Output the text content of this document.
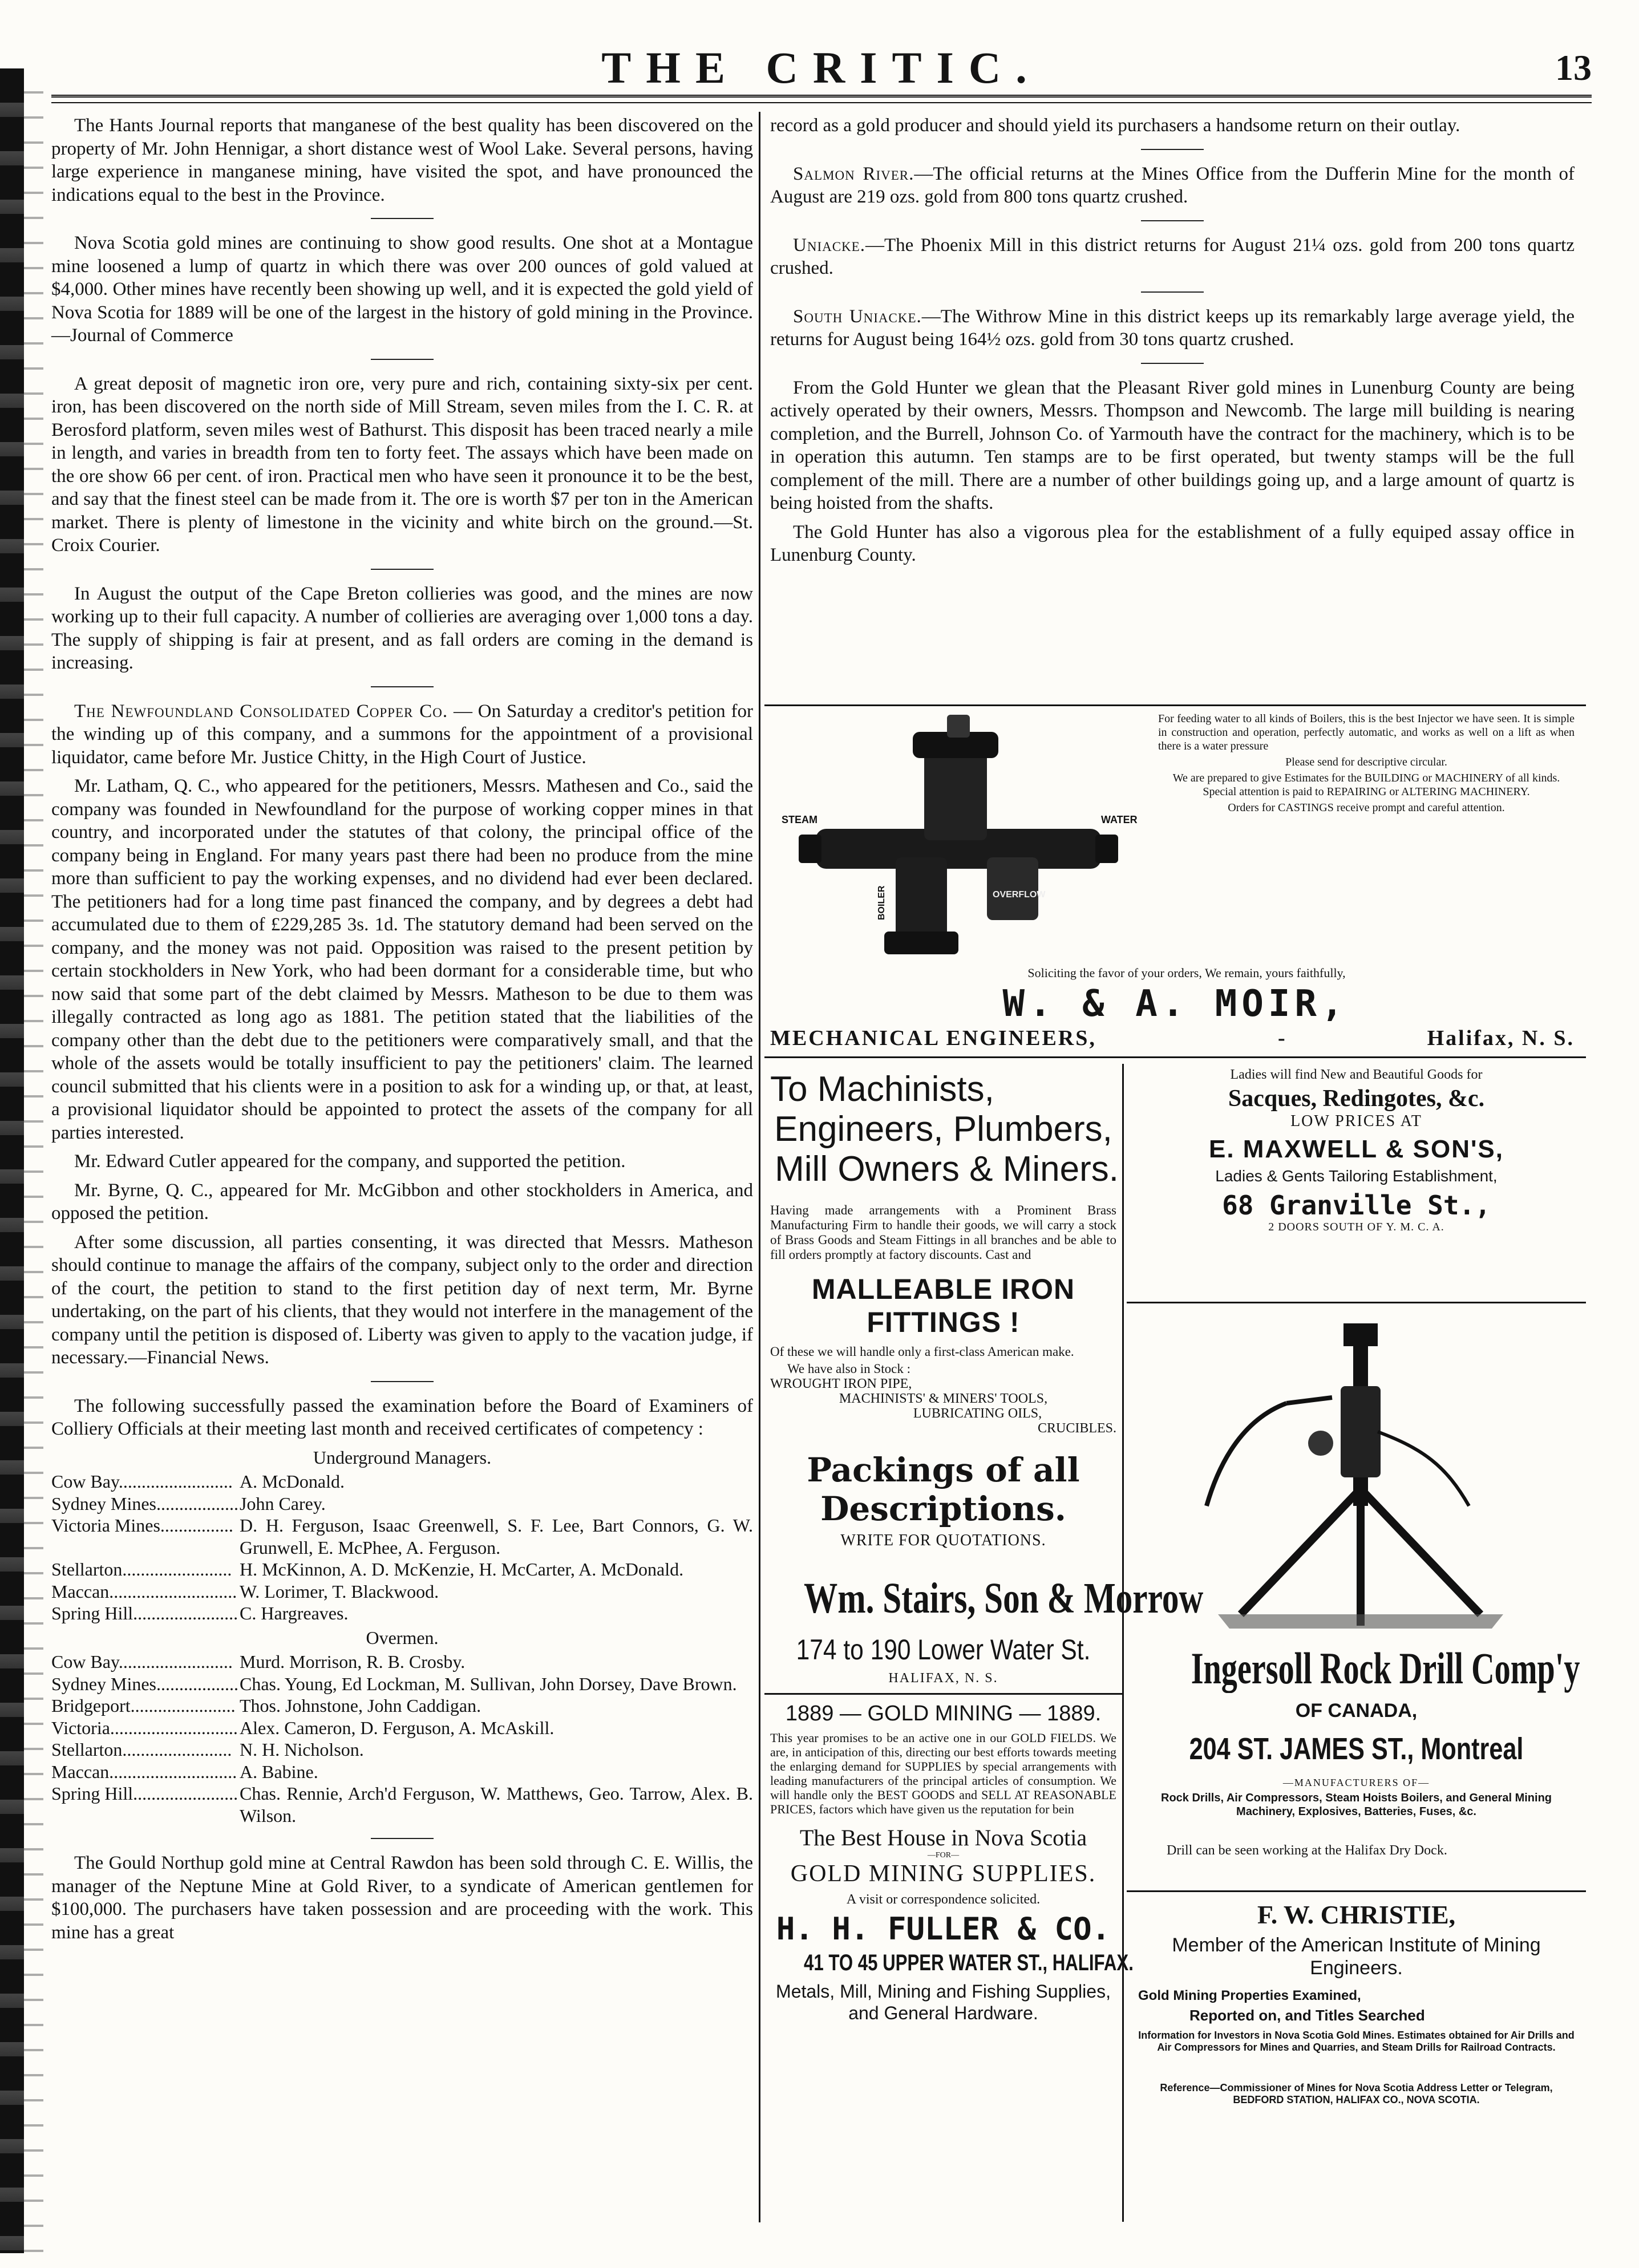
THE CRITIC.	13

The Hants Journal reports that manganese of the best quality has been discovered on the property of Mr. John Hennigar, a short distance west of Wool Lake. Several persons, having large experience in manganese mining, have visited the spot, and have pronounced the indications equal to the best in the Province.

Nova Scotia gold mines are continuing to show good results. One shot at a Montague mine loosened a lump of quartz in which there was over 200 ounces of gold valued at $4,000. Other mines have recently been showing up well, and it is expected the gold yield of Nova Scotia for 1889 will be one of the largest in the history of gold mining in the Province.—Journal of Commerce

A great deposit of magnetic iron ore, very pure and rich, containing sixty-six per cent. iron, has been discovered on the north side of Mill Stream, seven miles from the I. C. R. at Berosford platform, seven miles west of Bathurst. This disposit has been traced nearly a mile in length, and varies in breadth from ten to forty feet. The assays which have been made on the ore show 66 per cent. of iron. Practical men who have seen it pronounce it to be the best, and say that the finest steel can be made from it. The ore is worth $7 per ton in the American market. There is plenty of limestone in the vicinity and white birch on the ground.—St. Croix Courier.

In August the output of the Cape Breton collieries was good, and the mines are now working up to their full capacity. A number of collieries are averaging over 1,000 tons a day. The supply of shipping is fair at present, and as fall orders are coming in the demand is increasing.

The Newfoundland Consolidated Copper Co. — On Saturday a creditor's petition for the winding up of this company, and a summons for the appointment of a provisional liquidator, came before Mr. Justice Chitty, in the High Court of Justice.

Mr. Latham, Q. C., who appeared for the petitioners, Messrs. Mathesen and Co., said the company was founded in Newfoundland for the purpose of working copper mines in that country, and incorporated under the statutes of that colony, the principal office of the company being in England. For many years past there had been no produce from the mine more than sufficient to pay the working expenses, and no dividend had ever been declared. The petitioners had for a long time past financed the company, and by degrees a debt had accumulated due to them of £229,285 3s. 1d. The statutory demand had been served on the company, and the money was not paid. Opposition was raised to the present petition by certain stockholders in New York, who had been dormant for a considerable time, but who now said that some part of the debt claimed by Messrs. Matheson to be due to them was illegally contracted as long ago as 1881. The petition stated that the liabilities of the company other than the debt due to the petitioners were comparatively small, and that the whole of the assets would be totally insufficient to pay the petitioners' claim. The learned council submitted that his clients were in a position to ask for a winding up, or that, at least, a provisional liquidator should be appointed to protect the assets of the company for all parties interested.

Mr. Edward Cutler appeared for the company, and supported the petition.

Mr. Byrne, Q. C., appeared for Mr. McGibbon and other stockholders in America, and opposed the petition.

After some discussion, all parties consenting, it was directed that Messrs. Matheson should continue to manage the affairs of the company, subject only to the order and direction of the court, the petition to stand to the first petition day of next term, Mr. Byrne undertaking, on the part of his clients, that they would not interfere in the management of the company until the petition is disposed of. Liberty was given to apply to the vacation judge, if necessary.—Financial News.

The following successfully passed the examination before the Board of Examiners of Colliery Officials at their meeting last month and received certificates of competency :

Underground Managers.
Cow Bay......................... A. McDonald.
Sydney Mines.................. John Carey.
Victoria Mines................ D. H. Ferguson, Isaac Greenwell, S. F. Lee, Bart Connors, G. W. Grunwell, E. McPhee, A. Ferguson.
Stellarton........................ H. McKinnon, A. D. McKenzie, H. McCarter, A. McDonald.
Maccan............................ W. Lorimer, T. Blackwood.
Spring Hill....................... C. Hargreaves.
Overmen.
Cow Bay......................... Murd. Morrison, R. B. Crosby.
Sydney Mines.................. Chas. Young, Ed Lockman, M. Sullivan, John Dorsey, Dave Brown.
Bridgeport....................... Thos. Johnstone, John Caddigan.
Victoria............................ Alex. Cameron, D. Ferguson, A. McAskill.
Stellarton........................ N. H. Nicholson.
Maccan............................ A. Babine.
Spring Hill....................... Chas. Rennie, Arch'd Ferguson, W. Matthews, Geo. Tarrow, Alex. B. Wilson.

The Gould Northup gold mine at Central Rawdon has been sold through C. E. Willis, the manager of the Neptune Mine at Gold River, to a syndicate of American gentlemen for $100,000. The purchasers have taken possession and are proceeding with the work. This mine has a great

record as a gold producer and should yield its purchasers a handsome return on their outlay.

Salmon River.—The official returns at the Mines Office from the Dufferin Mine for the month of August are 219 ozs. gold from 800 tons quartz crushed.

Uniacke.—The Phoenix Mill in this district returns for August 21¼ ozs. gold from 200 tons quartz crushed.

South Uniacke.—The Withrow Mine in this district keeps up its remarkably large average yield, the returns for August being 164½ ozs. gold from 30 tons quartz crushed.

From the Gold Hunter we glean that the Pleasant River gold mines in Lunenburg County are being actively operated by their owners, Messrs. Thompson and Newcomb. The large mill building is nearing completion, and the Burrell, Johnson Co. of Yarmouth have the contract for the machinery, which is to be in operation this autumn. Ten stamps are to be first operated, but twenty stamps will be the full complement of the mill. There are a number of other buildings going up, and a large amount of quartz is being hoisted from the shafts.

The Gold Hunter has also a vigorous plea for the establishment of a fully equiped assay office in Lunenburg County.

STEAM	WATER
OVERFLOW
BOILER
For feeding water to all kinds of Boilers, this is the best Injector we have seen. It is simple in construction and operation, perfectly automatic, and works as well on a lift as when there is a water pressure
Please send for descriptive circular.
We are prepared to give Estimates for the BUILDING or MACHINERY of all kinds. Special attention is paid to REPAIRING or ALTERING MACHINERY.
Orders for CASTINGS receive prompt and careful attention.
Soliciting the favor of your orders, We remain, yours faithfully,
W. & A. MOIR,
MECHANICAL ENGINEERS,	-	Halifax, N. S.
To Machinists,
Engineers, Plumbers,
Mill Owners & Miners.
Having made arrangements with a Prominent Brass Manufacturing Firm to handle their goods, we will carry a stock of Brass Goods and Steam Fittings in all branches and be able to fill orders promptly at factory discounts. Cast and
MALLEABLE IRON FITTINGS !
Of these we will handle only a first-class American make.
We have also in Stock :
WROUGHT IRON PIPE,
MACHINISTS' & MINERS' TOOLS,
LUBRICATING OILS,
CRUCIBLES.
Packings of all Descriptions.
WRITE FOR QUOTATIONS.
Wm. Stairs, Son & Morrow
174 to 190 Lower Water St.
HALIFAX, N. S.
1889 — GOLD MINING — 1889.
This year promises to be an active one in our GOLD FIELDS. We are, in anticipation of this, directing our best efforts towards meeting the enlarging demand for SUPPLIES by special arrangements with leading manufacturers of the principal articles of consumption. We will handle only the BEST GOODS and SELL AT REASONABLE PRICES, factors which have given us the reputation for bein
The Best House in Nova Scotia
—FOR—
GOLD MINING SUPPLIES.
A visit or correspondence solicited.
H. H. FULLER & CO.
41 TO 45 UPPER WATER ST., HALIFAX.
Metals, Mill, Mining and Fishing Supplies, and General Hardware.
Ladies will find New and Beautiful Goods for
Sacques, Redingotes, &c.
LOW PRICES AT
E. MAXWELL & SON'S,
Ladies & Gents Tailoring Establishment,
68 Granville St.,
2 DOORS SOUTH OF Y. M. C. A.
Ingersoll Rock Drill Comp'y
OF CANADA,
204 ST. JAMES ST., Montreal
—MANUFACTURERS OF—
Rock Drills, Air Compressors, Steam Hoists Boilers, and General Mining Machinery, Explosives, Batteries, Fuses, &c.
Drill can be seen working at the Halifax Dry Dock.
F. W. CHRISTIE,
Member of the American Institute of Mining Engineers.
Gold Mining Properties Examined,
Reported on, and Titles Searched
Information for Investors in Nova Scotia Gold Mines. Estimates obtained for Air Drills and Air Compressors for Mines and Quarries, and Steam Drills for Railroad Contracts.
Reference—Commissioner of Mines for Nova Scotia Address Letter or Telegram, BEDFORD STATION, HALIFAX CO., NOVA SCOTIA.
